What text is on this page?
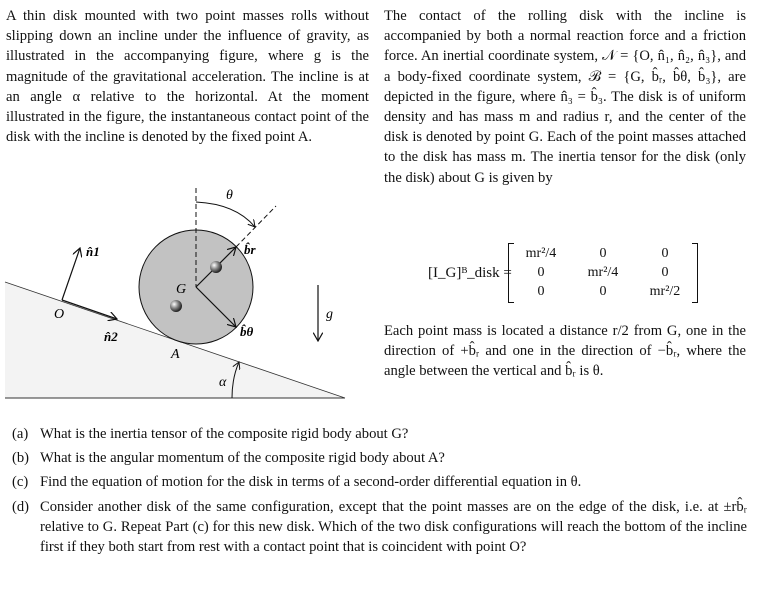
A thin disk mounted with two point masses rolls without slipping down an incline under the influence of gravity, as illustrated in the accompanying figure, where g is the magnitude of the gravitational acceleration. The incline is at an angle α relative to the horizontal. At the moment illustrated in the figure, the instantaneous contact point of the disk with the incline is denoted by the fixed point A.
The contact of the rolling disk with the incline is accompanied by both a normal reaction force and a friction force. An inertial coordinate system, 𝒩 = {O, n̂₁, n̂₂, n̂₃}, and a body-fixed coordinate system, ℬ = {G, b̂ᵣ, b̂θ, b̂₃}, are depicted in the figure, where n̂₃ = b̂₃. The disk is of uniform density and has mass m and radius r, and the center of the disk is denoted by point G. Each of the point masses attached to the disk has mass m. The inertia tensor for the disk (only the disk) about G is given by
[I_G]ᴮ_disk =
mr²/4	0	0
0	mr²/4	0
0	0	mr²/2
Each point mass is located a distance r/2 from G, one in the direction of +b̂ᵣ and one in the direction of −b̂ᵣ, where the angle between the vertical and b̂ᵣ is θ.
θ
b̂r
G
O
n̂1
n̂2	b̂θ
A
α
g
(a) What is the inertia tensor of the composite rigid body about G?
(b) What is the angular momentum of the composite rigid body about A?
(c) Find the equation of motion for the disk in terms of a second-order differential equation in θ.
(d) Consider another disk of the same configuration, except that the point masses are on the edge of the disk, i.e. at ±rb̂ᵣ relative to G. Repeat Part (c) for this new disk. Which of the two disk configurations will reach the bottom of the incline first if they both start from rest with a contact point that is coincident with point O?
